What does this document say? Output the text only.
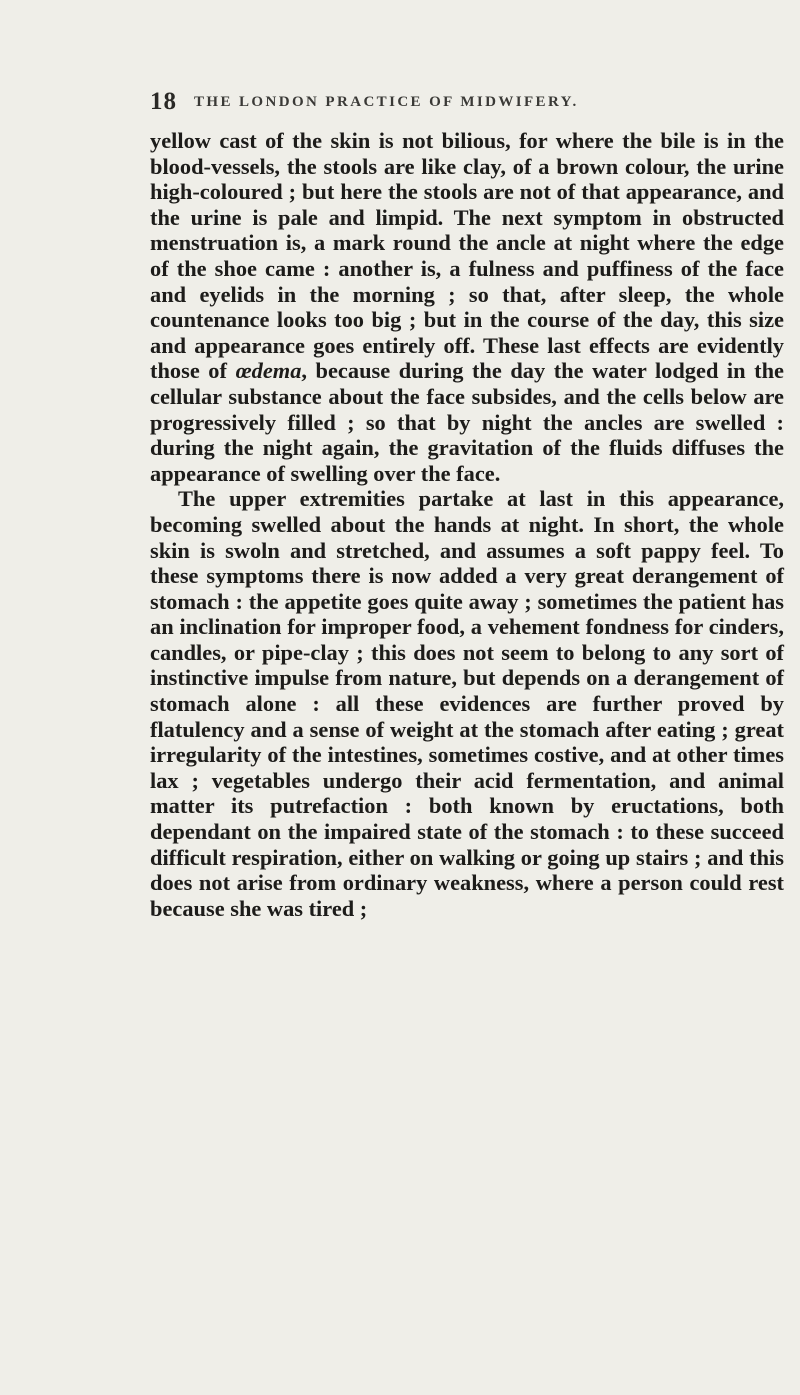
18 THE LONDON PRACTICE OF MIDWIFERY.

yellow cast of the skin is not bilious, for where the bile is in the blood-vessels, the stools are like clay, of a brown colour, the urine high-coloured ; but here the stools are not of that appearance, and the urine is pale and limpid. The next symptom in obstructed menstruation is, a mark round the ancle at night where the edge of the shoe came : another is, a fulness and puffiness of the face and eyelids in the morning ; so that, after sleep, the whole countenance looks too big ; but in the course of the day, this size and appearance goes entirely off. These last effects are evidently those of œdema, because during the day the water lodged in the cellular substance about the face subsides, and the cells below are progressively filled ; so that by night the ancles are swelled : during the night again, the gravitation of the fluids diffuses the appearance of swelling over the face.

The upper extremities partake at last in this appearance, becoming swelled about the hands at night. In short, the whole skin is swoln and stretched, and assumes a soft pappy feel. To these symptoms there is now added a very great derangement of stomach : the appetite goes quite away ; sometimes the patient has an inclination for improper food, a vehement fondness for cinders, candles, or pipe-clay ; this does not seem to belong to any sort of instinctive impulse from nature, but depends on a derangement of stomach alone : all these evidences are further proved by flatulency and a sense of weight at the stomach after eating ; great irregularity of the intestines, sometimes costive, and at other times lax ; vegetables undergo their acid fermentation, and animal matter its putrefaction : both known by eructations, both dependant on the impaired state of the stomach : to these succeed difficult respiration, either on walking or going up stairs ; and this does not arise from ordinary weakness, where a person could rest because she was tired ;
